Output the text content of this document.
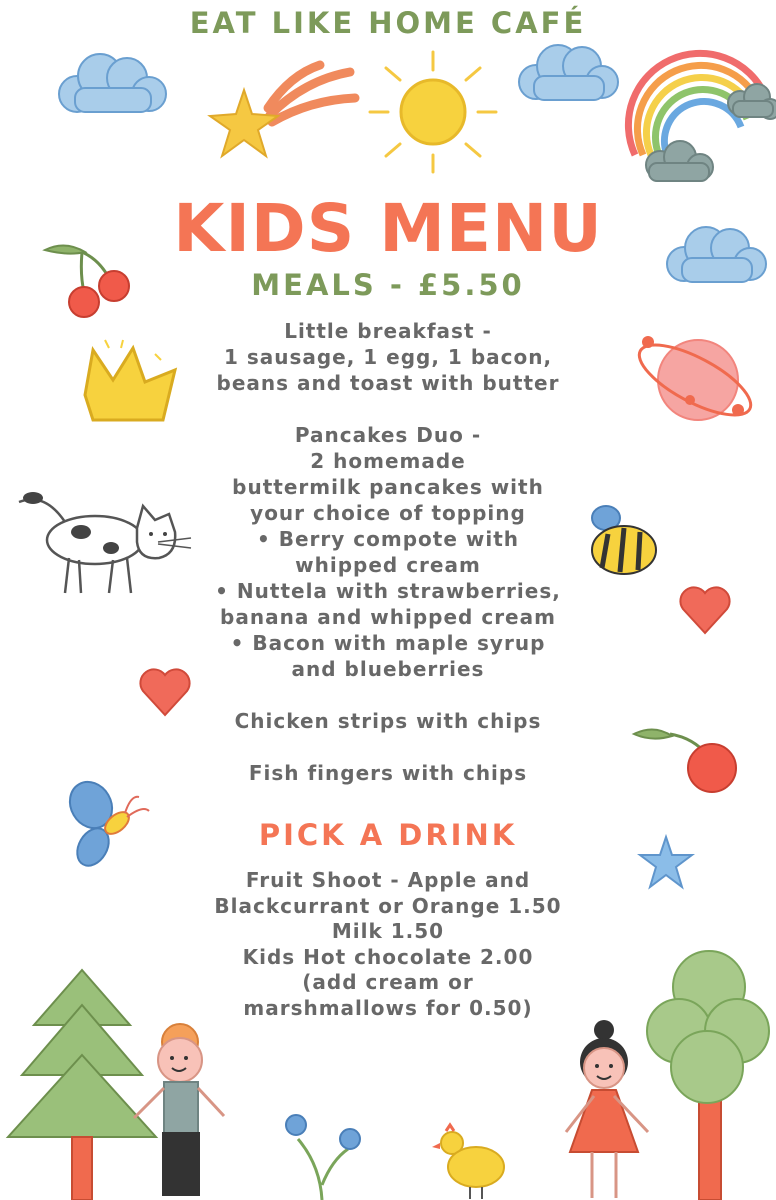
EAT LIKE HOME CAFÉ
KIDS MENU
MEALS - £5.50
Little breakfast -
1 sausage, 1 egg, 1 bacon,
beans and toast with butter
Pancakes Duo -
2 homemade
buttermilk pancakes with
your choice of topping
• Berry compote with
whipped cream
• Nuttela with strawberries,
banana and whipped cream
• Bacon with maple syrup
and blueberries
Chicken strips with chips
Fish fingers with chips
PICK A DRINK
Fruit Shoot - Apple and
Blackcurrant or Orange 1.50
Milk 1.50
Kids Hot chocolate 2.00
(add cream or
marshmallows for 0.50)
